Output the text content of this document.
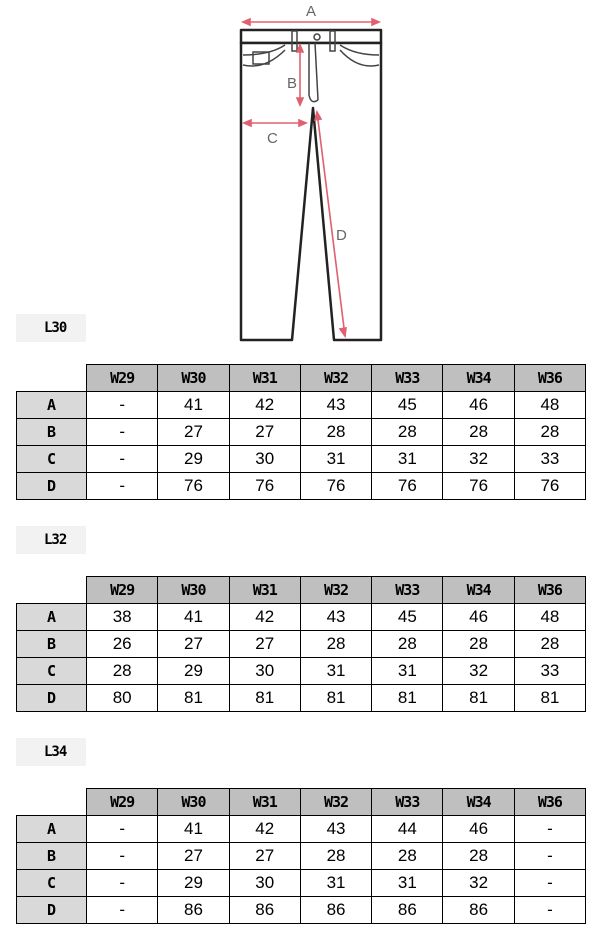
A
B
C
D
L30
	W29	W30	W31	W32	W33	W34	W36
A	-	41	42	43	45	46	48
B	-	27	27	28	28	28	28
C	-	29	30	31	31	32	33
D	-	76	76	76	76	76	76
L32
	W29	W30	W31	W32	W33	W34	W36
A	38	41	42	43	45	46	48
B	26	27	27	28	28	28	28
C	28	29	30	31	31	32	33
D	80	81	81	81	81	81	81
L34
	W29	W30	W31	W32	W33	W34	W36
A	-	41	42	43	44	46	-
B	-	27	27	28	28	28	-
C	-	29	30	31	31	32	-
D	-	86	86	86	86	86	-
